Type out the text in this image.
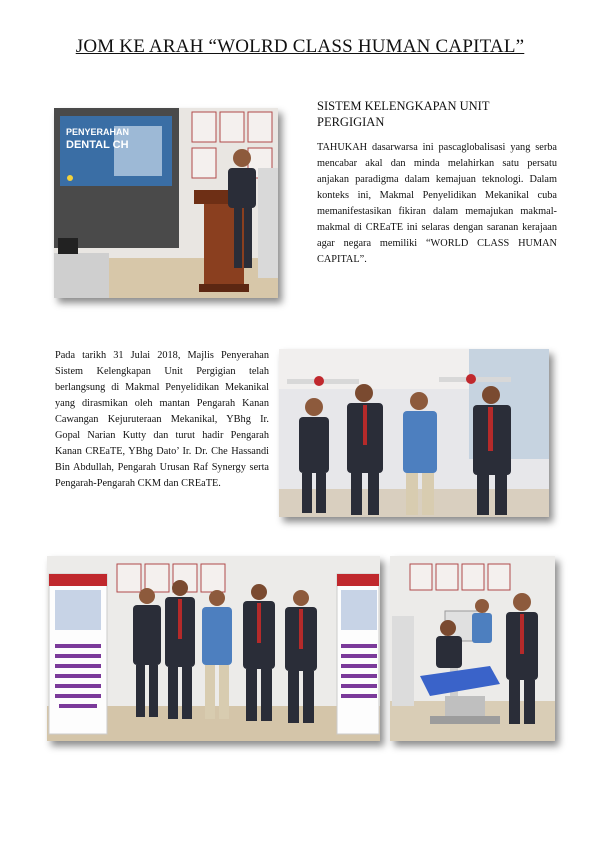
JOM KE ARAH “WOLRD CLASS HUMAN CAPITAL”
PENYERAHAN
DENTAL CH
SISTEM KELENGKAPAN UNIT PERGIGIAN
TAHUKAH dasarwarsa ini pascaglobalisasi yang serba mencabar akal dan minda melahirkan satu persatu anjakan paradigma dalam kemajuan teknologi. Dalam konteks ini, Makmal Penyelidikan Mekanikal cuba memanifestasikan fikiran dalam memajukan makmal-makmal di CREaTE ini selaras dengan saranan kerajaan agar negara memiliki “WORLD CLASS HUMAN CAPITAL”.
Pada tarikh 31 Julai 2018, Majlis Penyerahan Sistem Kelengkapan Unit Pergigian telah berlangsung di Makmal Penyelidikan Mekanikal yang dirasmikan oleh mantan Pengarah Kanan Cawangan Kejuruteraan Mekanikal, YBhg Ir. Gopal Narian Kutty dan turut hadir Pengarah Kanan CREaTE, YBhg Dato’ Ir. Dr. Che Hassandi Bin Abdullah, Pengarah Urusan Raf Synergy serta Pengarah-Pengarah CKM dan CREaTE.
